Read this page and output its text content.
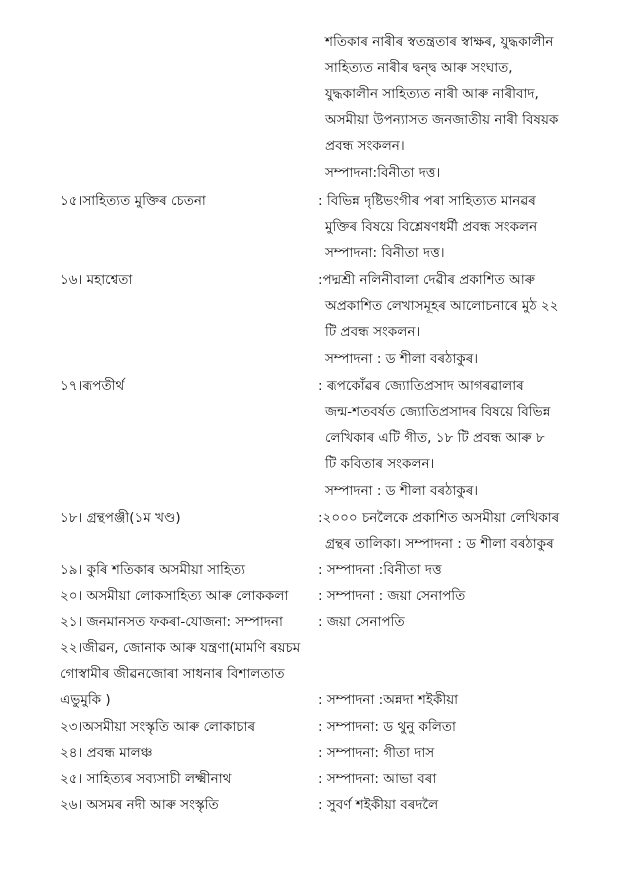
শতিকাৰ নাৰীৰ স্বতন্ত্ৰতাৰ স্বাক্ষৰ, যুদ্ধকালীন
সাহিত্যত নাৰীৰ দ্বন্দ্ব আৰু সংঘাত,
যুদ্ধকালীন সাহিত্যত নাৰী আৰু নাৰীবাদ,
অসমীয়া উপন্যাসত জনজাতীয় নাৰী বিষয়ক
প্ৰবন্ধ সংকলন।
সম্পাদনা:বিনীতা দত্ত।
১৫।সাহিত্যত মুক্তিৰ চেতনা	: বিভিন্ন দৃষ্টিভংগীৰ পৰা সাহিত্যত মানৱৰ
মুক্তিৰ বিষয়ে বিশ্লেষণধৰ্মী প্ৰবন্ধ সংকলন
সম্পাদনা: বিনীতা দত্ত।
১৬। মহাশ্বেতা	:পদ্মশ্ৰী নলিনীবালা দেৱীৰ প্ৰকাশিত আৰু
অপ্ৰকাশিত লেখাসমূহৰ আলোচনাৰে মুঠ ২২
টি প্ৰবন্ধ সংকলন।
সম্পাদনা : ড শীলা বৰঠাকুৰ।
১৭।ৰূপতীৰ্থ	: ৰূপকোঁৱৰ জ্যোতিপ্ৰসাদ আগৰৱালাৰ
জন্ম-শতবৰ্ষত জ্যোতিপ্ৰসাদৰ বিষয়ে বিভিন্ন
লেখিকাৰ এটি গীত, ১৮ টি প্ৰবন্ধ আৰু ৮
টি কবিতাৰ সংকলন।
সম্পাদনা : ড শীলা বৰঠাকুৰ।
১৮। গ্ৰন্থপঞ্জী(১ম খণ্ড)	:২০০০ চনলৈকে প্ৰকাশিত অসমীয়া লেখিকাৰ
গ্ৰন্থৰ তালিকা। সম্পাদনা : ড শীলা বৰঠাকুৰ
১৯। কুৰি শতিকাৰ অসমীয়া সাহিত্য	: সম্পাদনা :বিনীতা দত্ত
২০। অসমীয়া লোকসাহিত্য আৰু লোককলা : সম্পাদনা : জয়া সেনাপতি
২১। জনমানসত ফকৰা-যোজনা: সম্পাদনা	: জয়া সেনাপতি
২২।জীৱন, জোনাক আৰু যন্ত্ৰণা(মামণি ৰয়চম
গোস্বামীৰ জীৱনজোৰা সাধনাৰ বিশালতাত
এভুমুকি )	: সম্পাদনা :অন্নদা শইকীয়া
২৩।অসমীয়া সংস্কৃতি আৰু লোকাচাৰ	: সম্পাদনা: ড থুনু কলিতা
২৪। প্ৰবন্ধ মালঞ্চ	: সম্পাদনা: গীতা দাস
২৫। সাহিত্যৰ সব্যসাচী লক্ষ্মীনাথ	: সম্পাদনা: আভা বৰা
২৬। অসমৰ নদী আৰু সংস্কৃতি	: সুবৰ্ণ শইকীয়া বৰদলৈ
